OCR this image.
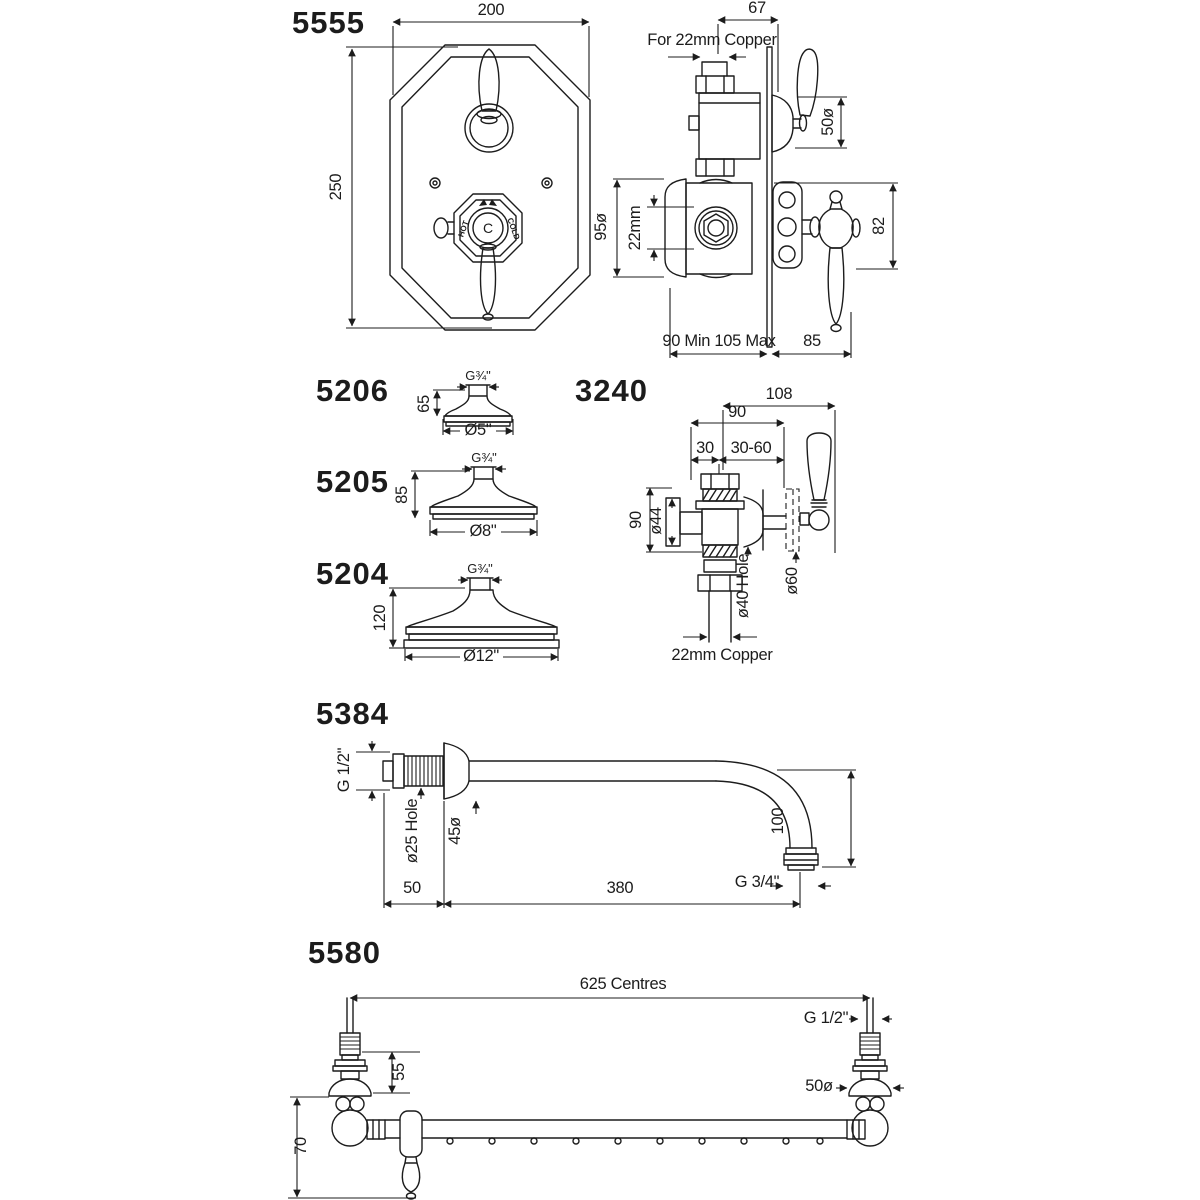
5555	200
250
HOT	COLD
C
67
For 22mm Copper
50ø
95ø 22mm	82
90 Min 105 Max 85
5206	G¾"
65
Ø5"
5205
G¾"
85
Ø8"
5204	G¾"
120
Ø12"
3240	108
90
30 30-60
ø44
90
ø40 Hole ø60
22mm Copper
5384
G 1/2"
ø25 Hole 45ø
50	380
100
G 3/4"
5580
625 Centres
G 1/2"
50ø
55
70
